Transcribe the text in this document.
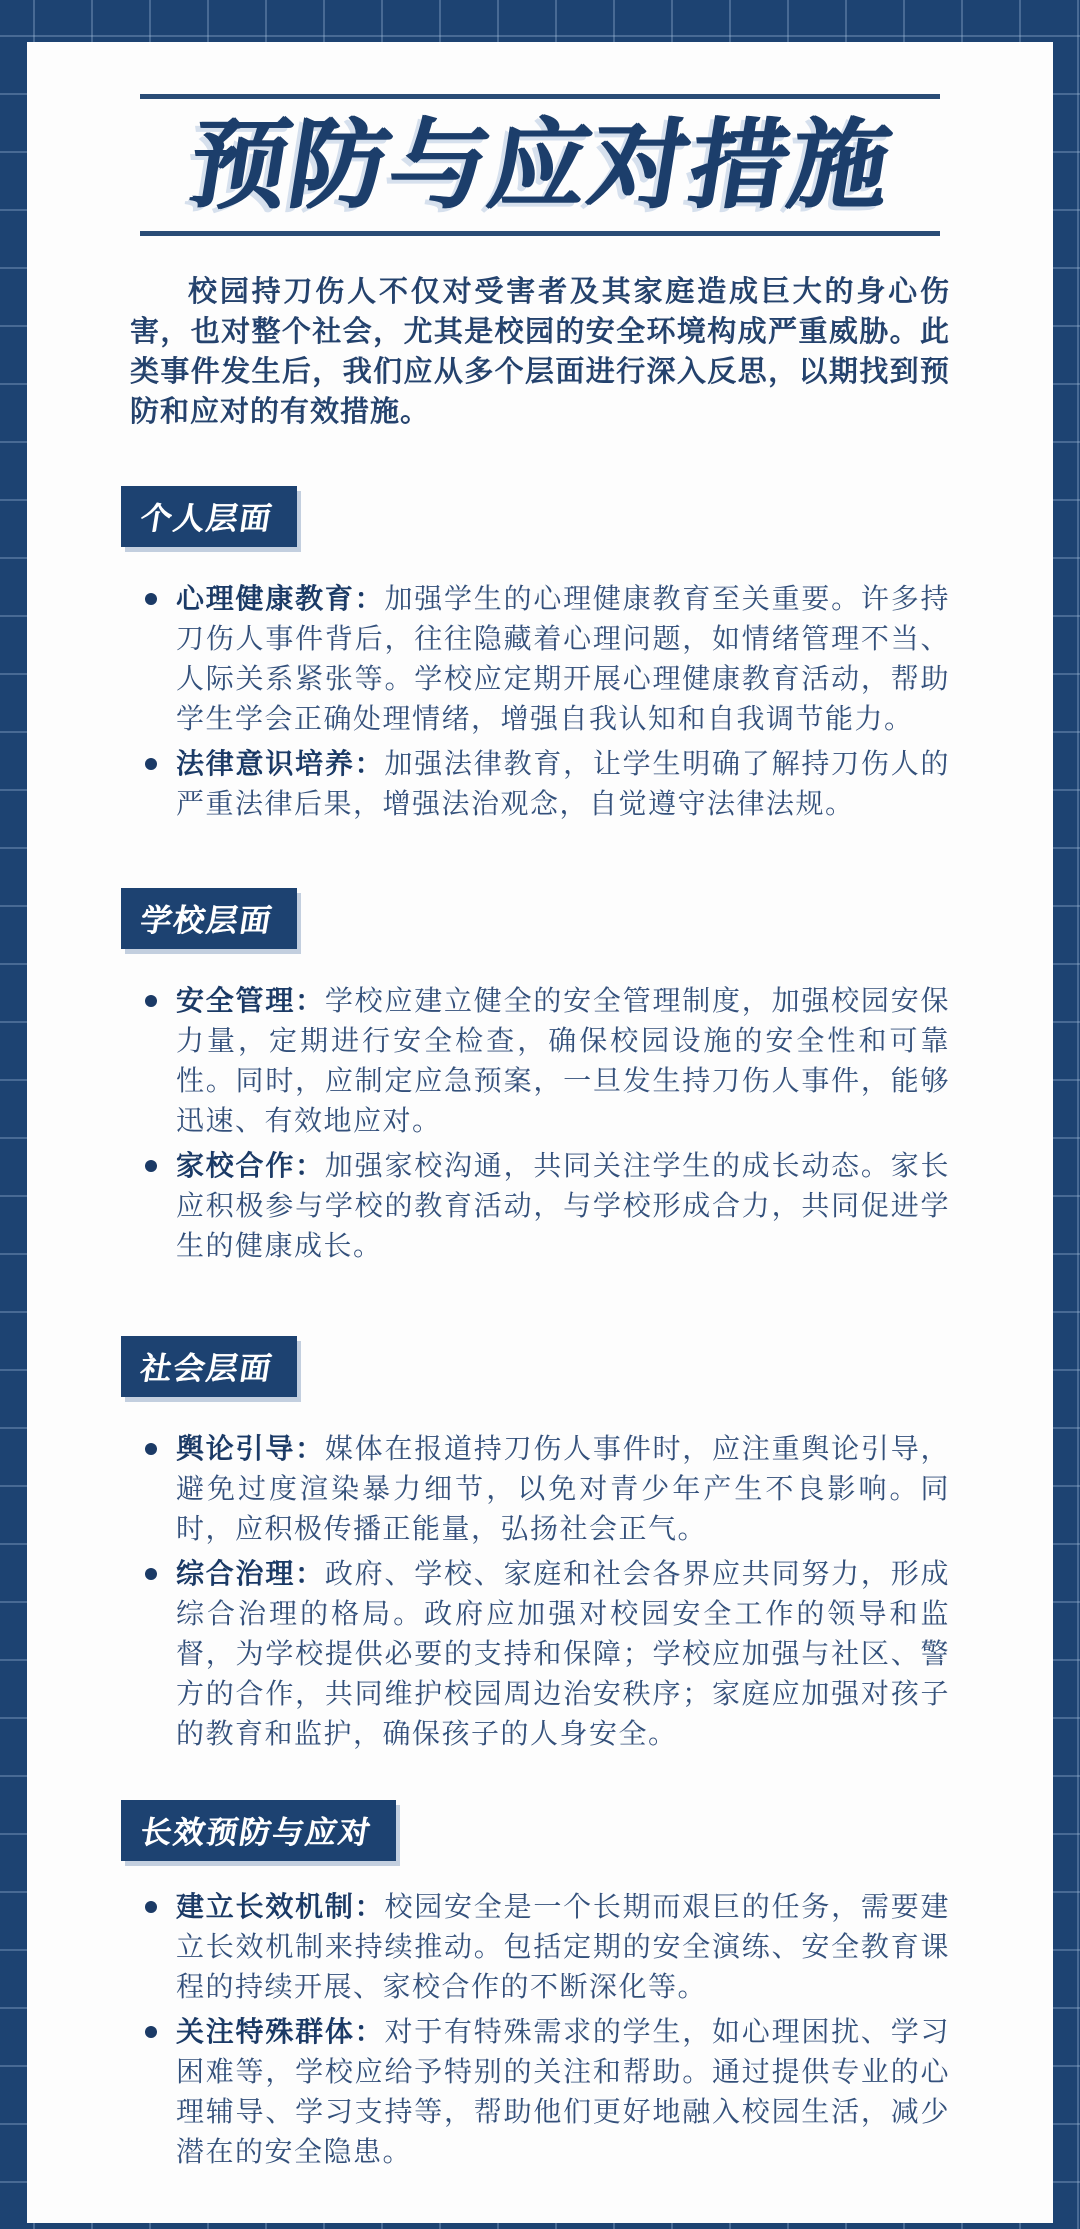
预防与应对措施

校园持刀伤人不仅对受害者及其家庭造成巨大的身心伤害，也对整个社会，尤其是校园的安全环境构成严重威胁。此类事件发生后，我们应从多个层面进行深入反思，以期找到预防和应对的有效措施。

个人层面
心理健康教育：加强学生的心理健康教育至关重要。许多持刀伤人事件背后，往往隐藏着心理问题，如情绪管理不当、人际关系紧张等。学校应定期开展心理健康教育活动，帮助学生学会正确处理情绪，增强自我认知和自我调节能力。
法律意识培养：加强法律教育，让学生明确了解持刀伤人的严重法律后果，增强法治观念，自觉遵守法律法规。
学校层面
安全管理：学校应建立健全的安全管理制度，加强校园安保力量，定期进行安全检查，确保校园设施的安全性和可靠性。同时，应制定应急预案，一旦发生持刀伤人事件，能够迅速、有效地应对。
家校合作：加强家校沟通，共同关注学生的成长动态。家长应积极参与学校的教育活动，与学校形成合力，共同促进学生的健康成长。
社会层面
舆论引导：媒体在报道持刀伤人事件时，应注重舆论引导，避免过度渲染暴力细节，以免对青少年产生不良影响。同时，应积极传播正能量，弘扬社会正气。
综合治理：政府、学校、家庭和社会各界应共同努力，形成综合治理的格局。政府应加强对校园安全工作的领导和监督，为学校提供必要的支持和保障；学校应加强与社区、警方的合作，共同维护校园周边治安秩序；家庭应加强对孩子的教育和监护，确保孩子的人身安全。
长效预防与应对
建立长效机制：校园安全是一个长期而艰巨的任务，需要建立长效机制来持续推动。包括定期的安全演练、安全教育课程的持续开展、家校合作的不断深化等。
关注特殊群体：对于有特殊需求的学生，如心理困扰、学习困难等，学校应给予特别的关注和帮助。通过提供专业的心理辅导、学习支持等，帮助他们更好地融入校园生活，减少潜在的安全隐患。
